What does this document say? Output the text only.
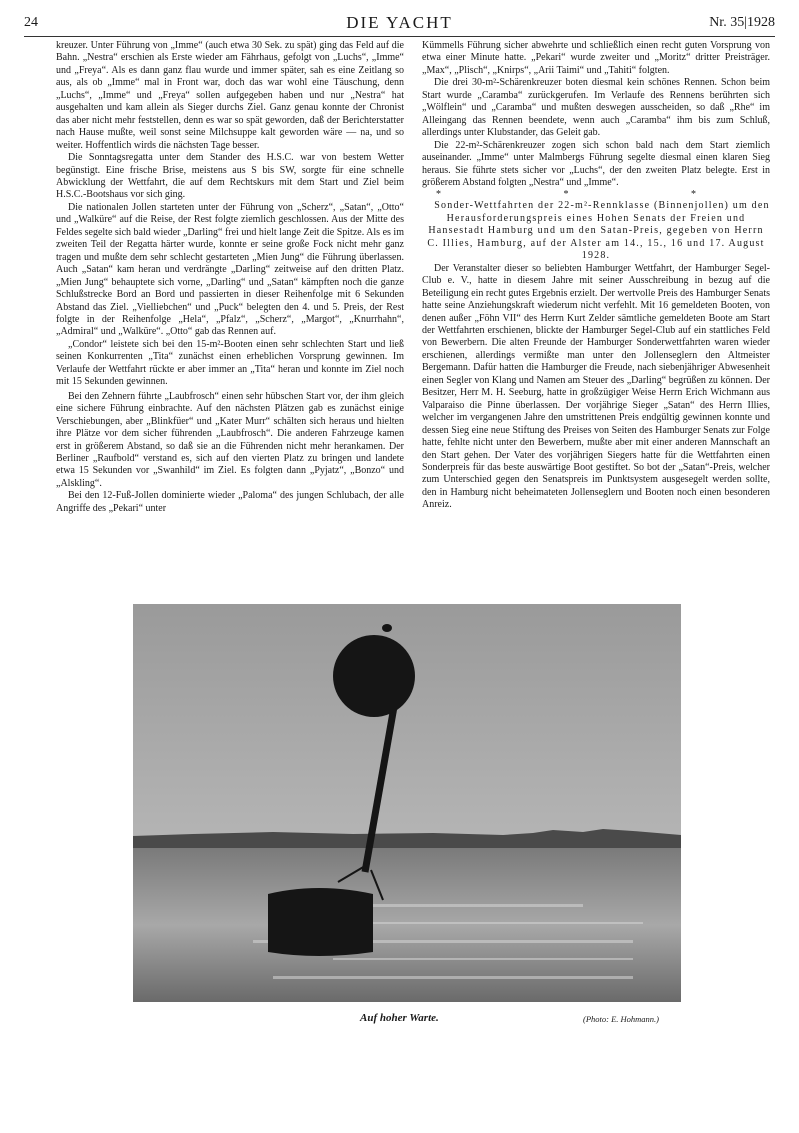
24	DIE YACHT	Nr. 35|1928

kreuzer. Unter Führung von „Imme“ (auch etwa 30 Sek. zu spät) ging das Feld auf die Bahn. „Nestra“ erschien als Erste wieder am Fährhaus, gefolgt von „Luchs“, „Imme“ und „Freya“. Als es dann ganz flau wurde und immer später, sah es eine Zeitlang so aus, als ob „Imme“ mal in Front war, doch das war wohl eine Täuschung, denn „Luchs“, „Imme“ und „Freya“ sollen aufgegeben haben und nur „Nestra“ hat ausgehalten und kam allein als Sieger durchs Ziel. Ganz genau konnte der Chronist das aber nicht mehr feststellen, denn es war so spät geworden, daß der Berichterstatter nach Hause mußte, weil sonst seine Milchsuppe kalt geworden wäre — na, und so weiter. Hoffentlich wirds die nächsten Tage besser.

Die Sonntagsregatta unter dem Stander des H.S.C. war von bestem Wetter begünstigt. Eine frische Brise, meistens aus S bis SW, sorgte für eine schnelle Abwicklung der Wettfahrt, die auf dem Rechtskurs mit dem Start und Ziel beim H.S.C.-Bootshaus vor sich ging.

Die nationalen Jollen starteten unter der Führung von „Scherz“, „Satan“, „Otto“ und „Walküre“ auf die Reise, der Rest folgte ziemlich geschlossen. Aus der Mitte des Feldes segelte sich bald wieder „Darling“ frei und hielt lange Zeit die Spitze. Als es im zweiten Teil der Regatta härter wurde, konnte er seine große Fock nicht mehr ganz tragen und mußte dem sehr schlecht gestarteten „Mien Jung“ die Führung überlassen. Auch „Satan“ kam heran und verdrängte „Darling“ zeitweise auf den dritten Platz. „Mien Jung“ behauptete sich vorne, „Darling“ und „Satan“ kämpften noch die ganze Schlußstrecke Bord an Bord und passierten in dieser Reihenfolge mit 6 Sekunden Abstand das Ziel. „Vielliebchen“ und „Puck“ belegten den 4. und 5. Preis, der Rest folgte in der Reihenfolge „Hela“, „Pfalz“, „Scherz“, „Margot“, „Knurrhahn“, „Admiral“ und „Walküre“. „Otto“ gab das Rennen auf.

„Condor“ leistete sich bei den 15-m²-Booten einen sehr schlechten Start und ließ seinen Konkurrenten „Tita“ zunächst einen erheblichen Vorsprung gewinnen. Im Verlaufe der Wettfahrt rückte er aber immer an „Tita“ heran und konnte im Ziel noch mit 15 Sekunden gewinnen.

Bei den Zehnern führte „Laubfrosch“ einen sehr hübschen Start vor, der ihm gleich eine sichere Führung einbrachte. Auf den nächsten Plätzen gab es zunächst einige Verschiebungen, aber „Blinkfüer“ und „Kater Murr“ schälten sich heraus und hielten ihre Plätze vor dem sicher führenden „Laubfrosch“. Die anderen Fahrzeuge kamen erst in größerem Abstand, so daß sie an die Führenden nicht mehr herankamen. Der Berliner „Raufbold“ verstand es, sich auf den vierten Platz zu bringen und landete etwa 15 Sekunden vor „Swanhild“ im Ziel. Es folgten dann „Pyjatz“, „Bonzo“ und „Alskling“.

Bei den 12-Fuß-Jollen dominierte wieder „Paloma“ des jungen Schlubach, der alle Angriffe des „Pekari“ unter

Kümmells Führung sicher abwehrte und schließlich einen recht guten Vorsprung von etwa einer Minute hatte. „Pekari“ wurde zweiter und „Moritz“ dritter Preisträger. „Max“, „Plisch“, „Knirps“, „Arii Taimi“ und „Tahiti“ folgten.

Die drei 30-m²-Schärenkreuzer boten diesmal kein schönes Rennen. Schon beim Start wurde „Caramba“ zurückgerufen. Im Verlaufe des Rennens berührten sich „Wölflein“ und „Caramba“ und mußten deswegen ausscheiden, so daß „Rhe“ im Alleingang das Rennen beendete, wenn auch „Caramba“ ihm bis zum Schluß, allerdings unter Klubstander, das Geleit gab.

Die 22-m²-Schärenkreuzer zogen sich schon bald nach dem Start ziemlich auseinander. „Imme“ unter Malmbergs Führung segelte diesmal einen klaren Sieg heraus. Sie führte stets sicher vor „Luchs“, der den zweiten Platz belegte. Erst in größerem Abstand folgten „Nestra“ und „Imme“.

* * *

Sonder-Wettfahrten der 22-m²-Rennklasse (Binnenjollen) um den Herausforderungspreis eines Hohen Senats der Freien und Hansestadt Hamburg und um den Satan-Preis, gegeben von Herrn C. Illies, Hamburg, auf der Alster am 14., 15., 16 und 17. August 1928.

Der Veranstalter dieser so beliebten Hamburger Wettfahrt, der Hamburger Segel-Club e. V., hatte in diesem Jahre mit seiner Ausschreibung in bezug auf die Beteiligung ein recht gutes Ergebnis erzielt. Der wertvolle Preis des Hamburger Senats hatte seine Anziehungskraft wiederum nicht verfehlt. Mit 16 gemeldeten Booten, von denen außer „Föhn VII“ des Herrn Kurt Zelder sämtliche gemeldeten Boote am Start der Wettfahrten erschienen, blickte der Hamburger Segel-Club auf ein stattliches Feld von Bewerbern. Die alten Freunde der Hamburger Sonderwettfahrten waren wieder erschienen, allerdings vermißte man unter den Jollenseglern den Altmeister Bergemann. Dafür hatten die Hamburger die Freude, nach siebenjähriger Abwesenheit einen Segler von Klang und Namen am Steuer des „Darling“ begrüßen zu können. Der Besitzer, Herr M. H. Seeburg, hatte in großzügiger Weise Herrn Erich Wichmann aus Valparaiso die Pinne überlassen. Der vorjährige Sieger „Satan“ des Herrn Illies, welcher im vergangenen Jahre den umstrittenen Preis endgültig gewinnen konnte und dessen Sieg eine neue Stiftung des Preises von Seiten des Hamburger Senats zur Folge hatte, fehlte nicht unter den Bewerbern, mußte aber mit einer anderen Mannschaft an den Start gehen. Der Vater des vorjährigen Siegers hatte für die Wettfahrten einen Sonderpreis für das beste auswärtige Boot gestiftet. So bot der „Satan“-Preis, welcher zum Unterschied gegen den Senatspreis im Punktsystem ausgesegelt werden sollte, den in Hamburg nicht beheimateten Jollenseglern und Booten noch einen besonderen Anreiz.

Auf hoher Warte.	(Photo: E. Hohmann.)
